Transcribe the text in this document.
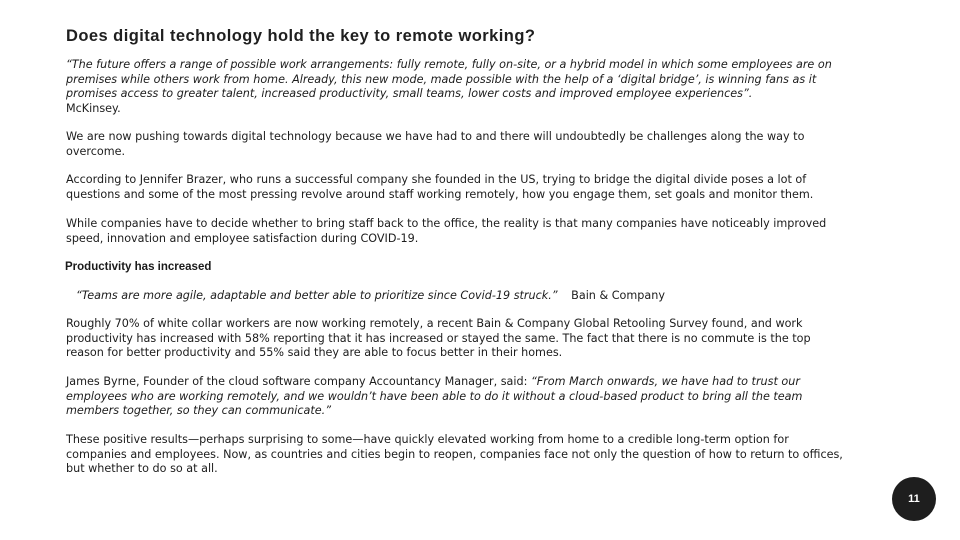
Does digital technology hold the key to remote working?

“The future offers a range of possible work arrangements: fully remote, fully on-site, or a hybrid model in which some employees are on premises while others work from home. Already, this new mode, made possible with the help of a ‘digital bridge’, is winning fans as it promises access to greater talent, increased productivity, small teams, lower costs and improved employee experiences”.
McKinsey.

We are now pushing towards digital technology because we have had to and there will undoubtedly be challenges along the way to overcome.

According to Jennifer Brazer, who runs a successful company she founded in the US, trying to bridge the digital divide poses a lot of questions and some of the most pressing revolve around staff working remotely, how you engage them, set goals and monitor them.

While companies have to decide whether to bring staff back to the office, the reality is that many companies have noticeably improved speed, innovation and employee satisfaction during COVID-19.

Productivity has increased

“Teams are more agile, adaptable and better able to prioritize since Covid-19 struck.” Bain & Company

Roughly 70% of white collar workers are now working remotely, a recent Bain & Company Global Retooling Survey found, and work productivity has increased with 58% reporting that it has increased or stayed the same. The fact that there is no commute is the top reason for better productivity and 55% said they are able to focus better in their homes.

James Byrne, Founder of the cloud software company Accountancy Manager, said: “From March onwards, we have had to trust our employees who are working remotely, and we wouldn’t have been able to do it without a cloud-based product to bring all the team members together, so they can communicate.”

These positive results—perhaps surprising to some—have quickly elevated working from home to a credible long-term option for companies and employees. Now, as countries and cities begin to reopen, companies face not only the question of how to return to offices, but whether to do so at all.

11
